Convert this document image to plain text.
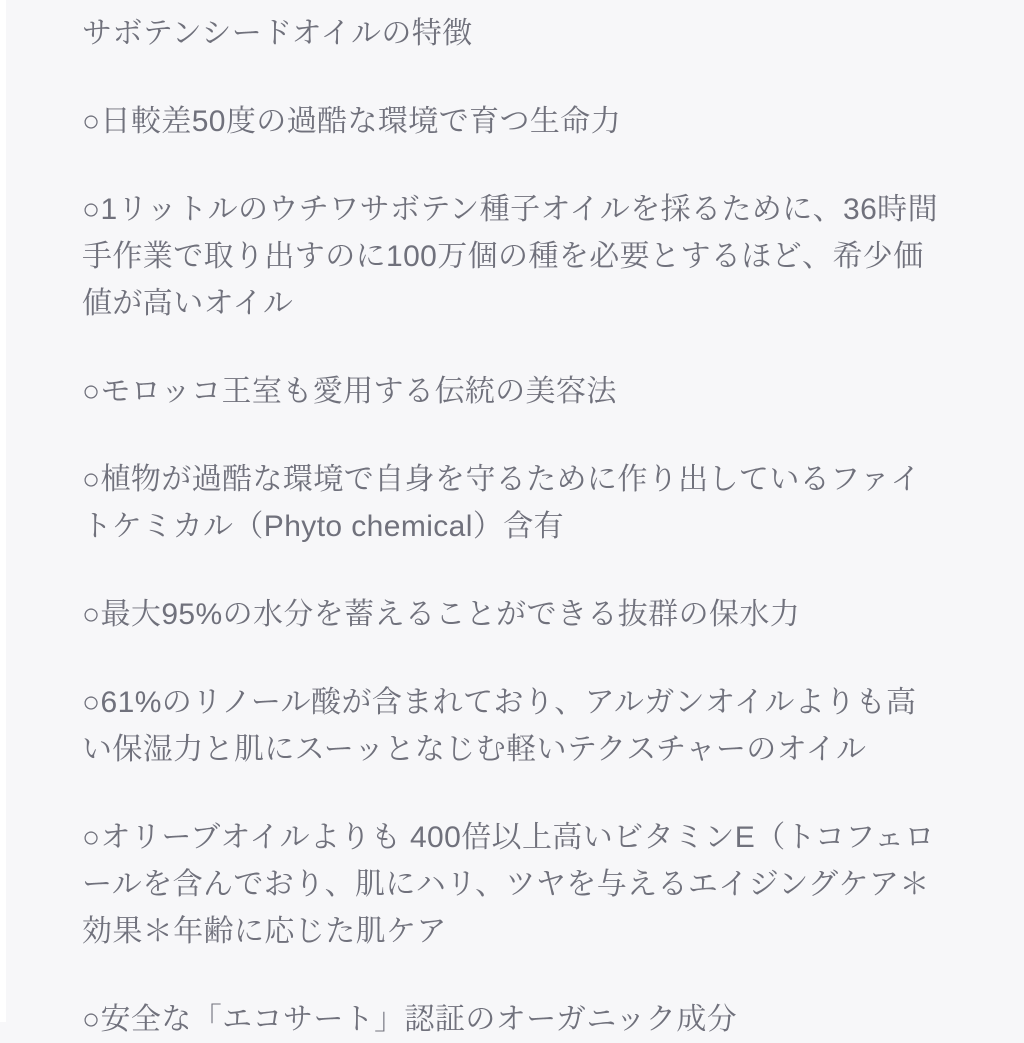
サボテンシードオイルの特徴

○日較差50度の過酷な環境で育つ生命力

○1リットルのウチワサボテン種子オイルを採るために、36時間手作業で取り出すのに100万個の種を必要とするほど、希少価値が高いオイル

○モロッコ王室も愛用する伝統の美容法

○植物が過酷な環境で自身を守るために作り出しているファイトケミカル（Phyto chemical）含有

○最大95%の水分を蓄えることができる抜群の保水力

○61%のリノール酸が含まれており、アルガンオイルよりも高い保湿力と肌にスーッとなじむ軽いテクスチャーのオイル

○オリーブオイルよりも 400倍以上高いビタミンE（トコフェロールを含んでおり、肌にハリ、ツヤを与えるエイジングケア＊効果＊年齢に応じた肌ケア

○安全な「エコサート」認証のオーガニック成分
